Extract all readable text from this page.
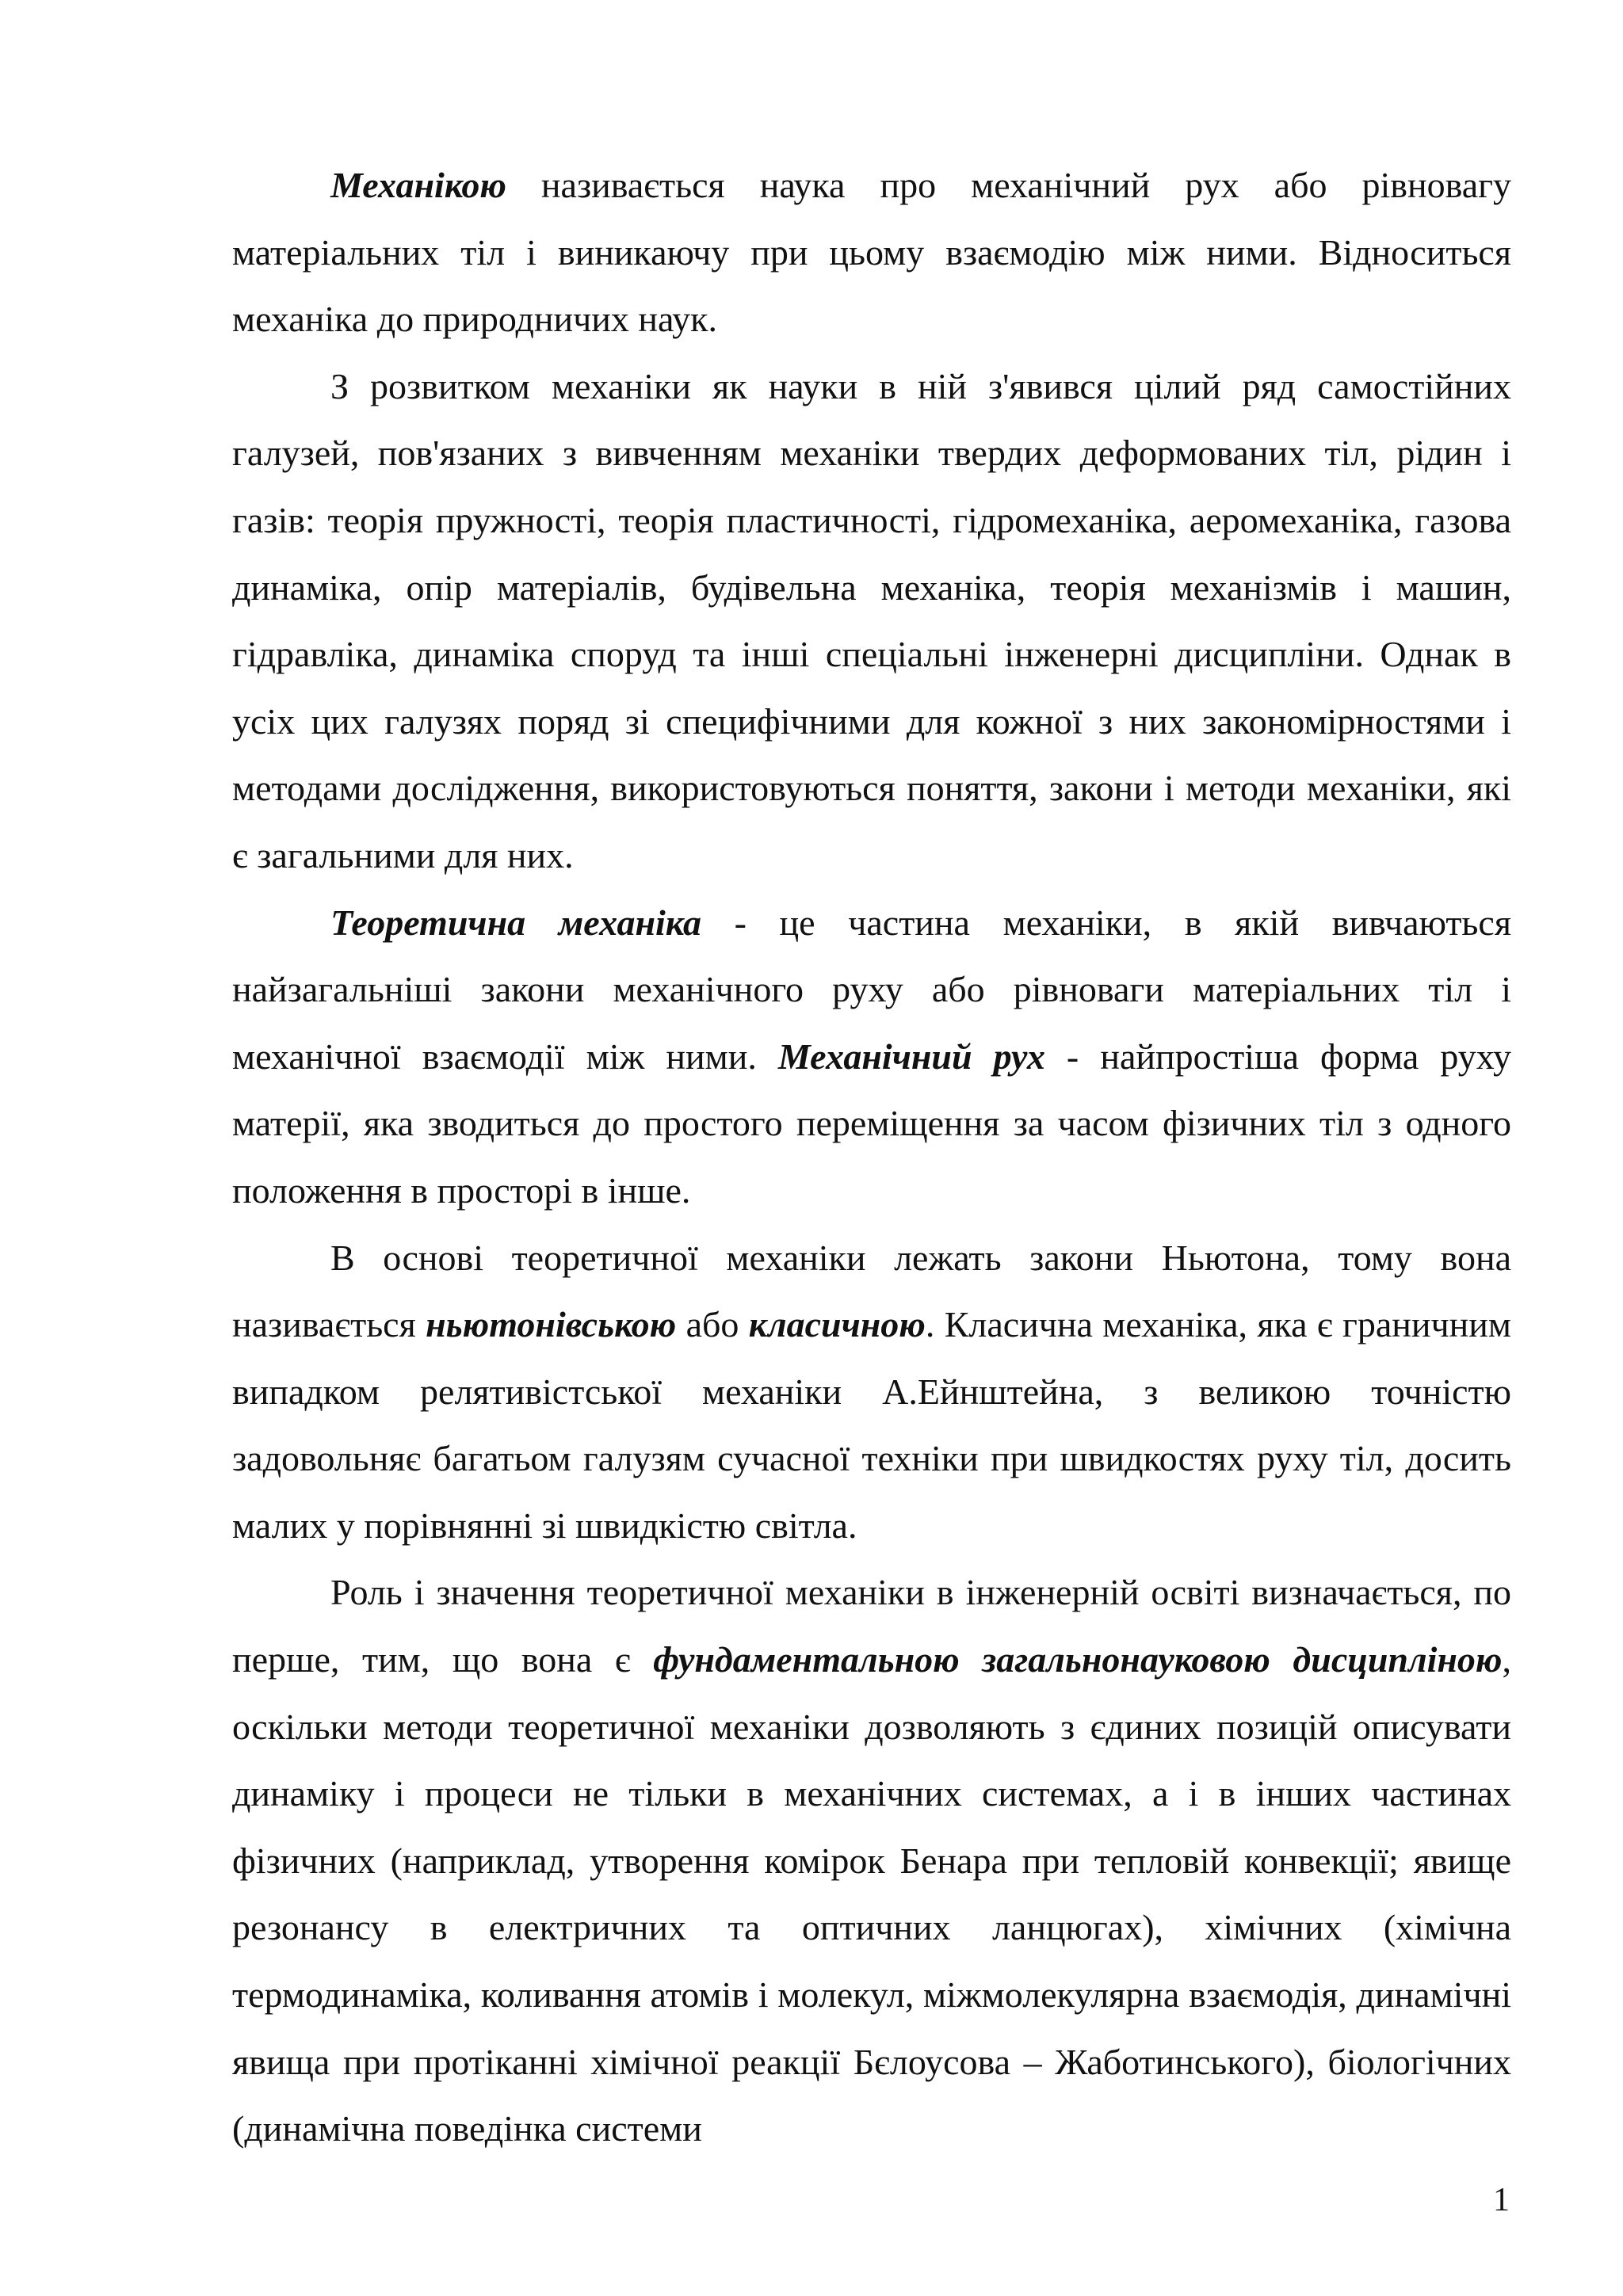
Механікою називається наука про механічний рух або рівновагу матеріальних тіл і виникаючу при цьому взаємодію між ними. Відноситься механіка до природничих наук.

З розвитком механіки як науки в ній з'явився цілий ряд самостійних галузей, пов'язаних з вивченням механіки твердих деформованих тіл, рідин і газів: теорія пружності, теорія пластичності, гідромеханіка, аеромеханіка, газова динаміка, опір матеріалів, будівельна механіка, теорія механізмів і машин, гідравліка, динаміка споруд та інші спеціальні інженерні дисципліни. Однак в усіх цих галузях поряд зі специфічними для кожної з них закономірностями і методами дослідження, використовуються поняття, закони і методи механіки, які є загальними для них.

Теоретична механіка - це частина механіки, в якій вивчаються найзагальніші закони механічного руху або рівноваги матеріальних тіл і механічної взаємодії між ними. Механічний рух - найпростіша форма руху матерії, яка зводиться до простого переміщення за часом фізичних тіл з одного положення в просторі в інше.

В основі теоретичної механіки лежать закони Ньютона, тому вона називається ньютонівською або класичною. Класична механіка, яка є граничним випадком релятивістської механіки А.Ейнштейна, з великою точністю задовольняє багатьом галузям сучасної техніки при швидкостях руху тіл, досить малих у порівнянні зі швидкістю світла.

Роль і значення теоретичної механіки в інженерній освіті визначається, по перше, тим, що вона є фундаментальною загальнонауковою дисципліною, оскільки методи теоретичної механіки дозволяють з єдиних позицій описувати динаміку і процеси не тільки в механічних системах, а і в інших частинах фізичних (наприклад, утворення комірок Бенара при тепловій конвекції; явище резонансу в електричних та оптичних ланцюгах), хімічних (хімічна термодинаміка, коливання атомів і молекул, міжмолекулярна взаємодія, динамічні явища при протіканні хімічної реакції Бєлоусова – Жаботинського), біологічних (динамічна поведінка системи

1
